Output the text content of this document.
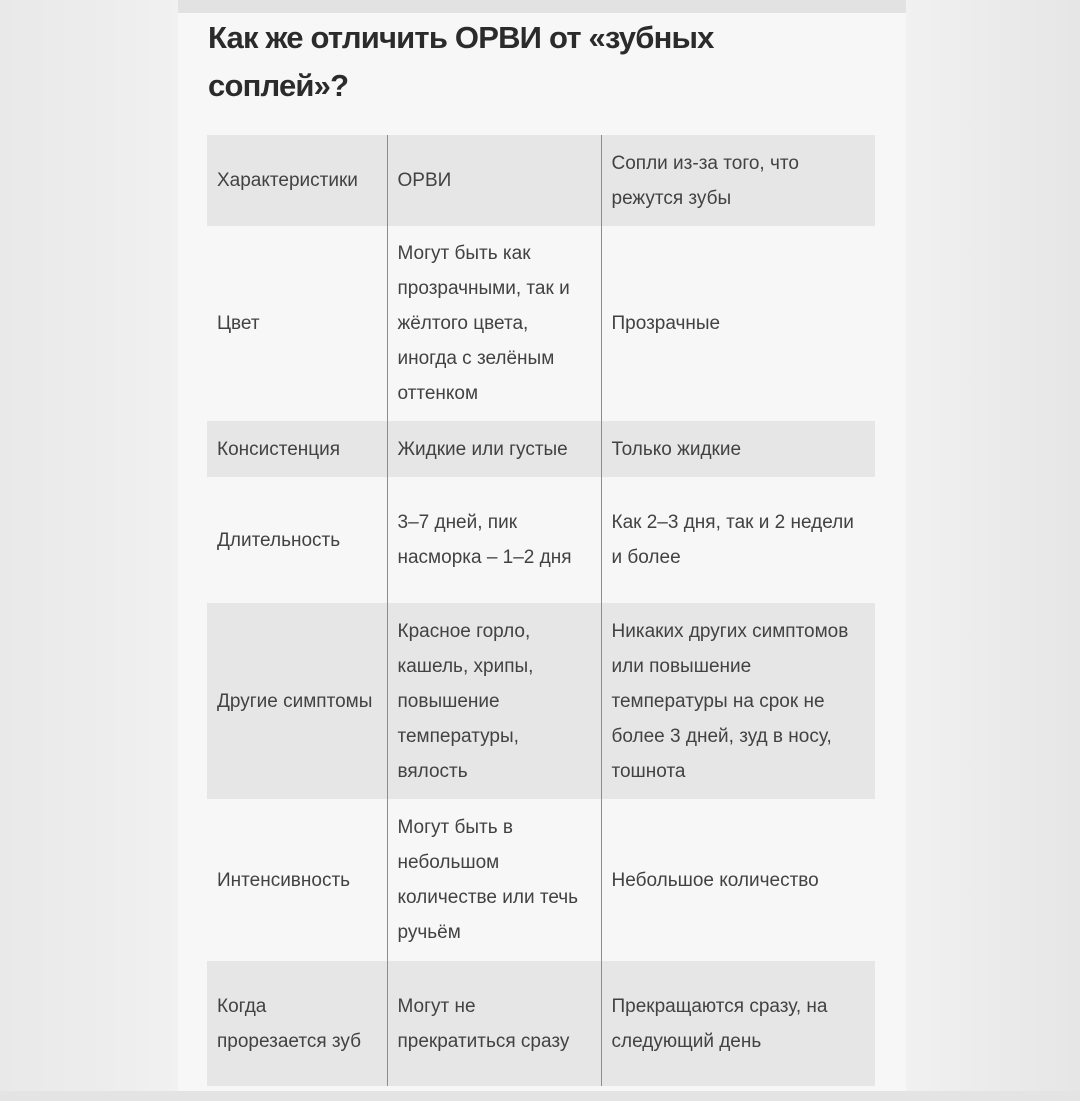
Как же отличить ОРВИ от «зубных соплей»?
Характеристики	ОРВИ	Сопли из-за того, что режутся зубы
Цвет	Могут быть как прозрачными, так и жёлтого цвета, иногда с зелёным оттенком	Прозрачные
Консистенция	Жидкие или густые	Только жидкие
Длительность	3–7 дней, пик насморка – 1–2 дня	Как 2–3 дня, так и 2 недели и более
Другие симптомы	Красное горло, кашель, хрипы, повышение температуры, вялость	Никаких других симптомов или повышение температуры на срок не более 3 дней, зуд в носу, тошнота
Интенсивность	Могут быть в небольшом количестве или течь ручьём	Небольшое количество
Когда прорезается зуб	Могут не прекратиться сразу	Прекращаются сразу, на следующий день
